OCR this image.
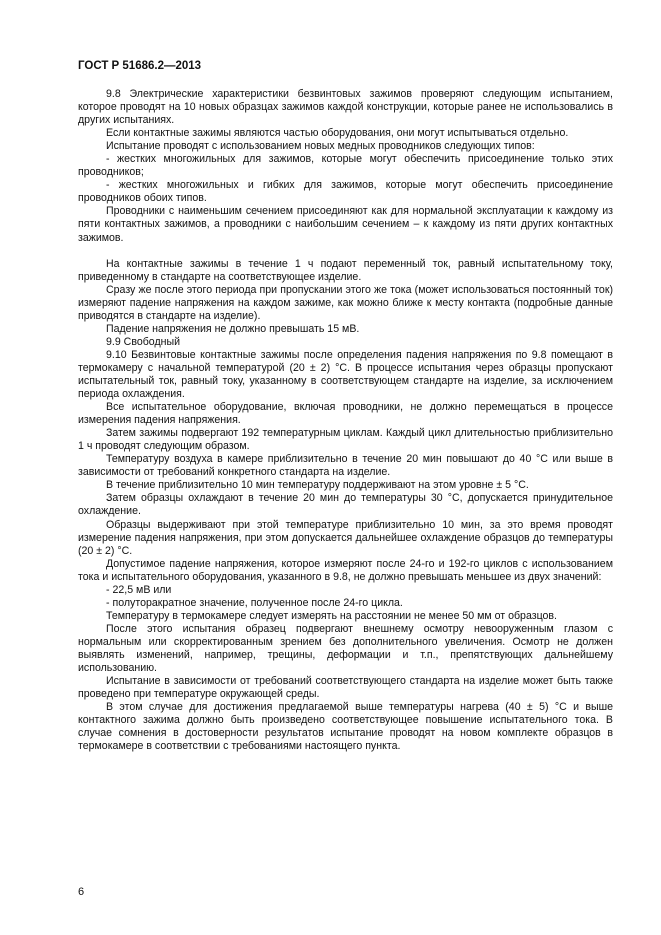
ГОСТ Р 51686.2—2013

9.8 Электрические характеристики безвинтовых зажимов проверяют следующим испытанием, которое проводят на 10 новых образцах зажимов каждой конструкции, которые ранее не использовались в других испытаниях.

Если контактные зажимы являются частью оборудования, они могут испытываться отдельно.

Испытание проводят с использованием новых медных проводников следующих типов:

- жестких многожильных для зажимов, которые могут обеспечить присоединение только этих проводников;

- жестких многожильных и гибких для зажимов, которые могут обеспечить присоединение проводников обоих типов.

Проводники с наименьшим сечением присоединяют как для нормальной эксплуатации к каждому из пяти контактных зажимов, а проводники с наибольшим сечением – к каждому из пяти других контактных зажимов.

На контактные зажимы в течение 1 ч подают переменный ток, равный испытательному току, приведенному в стандарте на соответствующее изделие.

Сразу же после этого периода при пропускании этого же тока (может использоваться постоянный ток) измеряют падение напряжения на каждом зажиме, как можно ближе к месту контакта (подробные данные приводятся в стандарте на изделие).

Падение напряжения не должно превышать 15 мВ.

9.9 Свободный

9.10 Безвинтовые контактные зажимы после определения падения напряжения по 9.8 помещают в термокамеру с начальной температурой (20 ± 2) °С. В процессе испытания через образцы пропускают испытательный ток, равный току, указанному в соответствующем стандарте на изделие, за исключением периода охлаждения.

Все испытательное оборудование, включая проводники, не должно перемещаться в процессе измерения падения напряжения.

Затем зажимы подвергают 192 температурным циклам. Каждый цикл длительностью приблизительно 1 ч проводят следующим образом.

Температуру воздуха в камере приблизительно в течение 20 мин повышают до 40 °С или выше в зависимости от требований конкретного стандарта на изделие.

В течение приблизительно 10 мин температуру поддерживают на этом уровне ± 5 °С.

Затем образцы охлаждают в течение 20 мин до температуры 30 °С, допускается принудительное охлаждение.

Образцы выдерживают при этой температуре приблизительно 10 мин, за это время проводят измерение падения напряжения, при этом допускается дальнейшее охлаждение образцов до температуры (20 ± 2) °С.

Допустимое падение напряжения, которое измеряют после 24-го и 192-го циклов с использованием тока и испытательного оборудования, указанного в 9.8, не должно превышать меньшее из двух значений:

- 22,5 мВ или

- полуторакратное значение, полученное после 24-го цикла.

Температуру в термокамере следует измерять на расстоянии не менее 50 мм от образцов.

После этого испытания образец подвергают внешнему осмотру невооруженным глазом с нормальным или скорректированным зрением без дополнительного увеличения. Осмотр не должен выявлять изменений, например, трещины, деформации и т.п., препятствующих дальнейшему использованию.

Испытание в зависимости от требований соответствующего стандарта на изделие может быть также проведено при температуре окружающей среды.

В этом случае для достижения предлагаемой выше температуры нагрева (40 ± 5) °С и выше контактного зажима должно быть произведено соответствующее повышение испытательного тока. В случае сомнения в достоверности результатов испытание проводят на новом комплекте образцов в термокамере в соответствии с требованиями настоящего пункта.

6
